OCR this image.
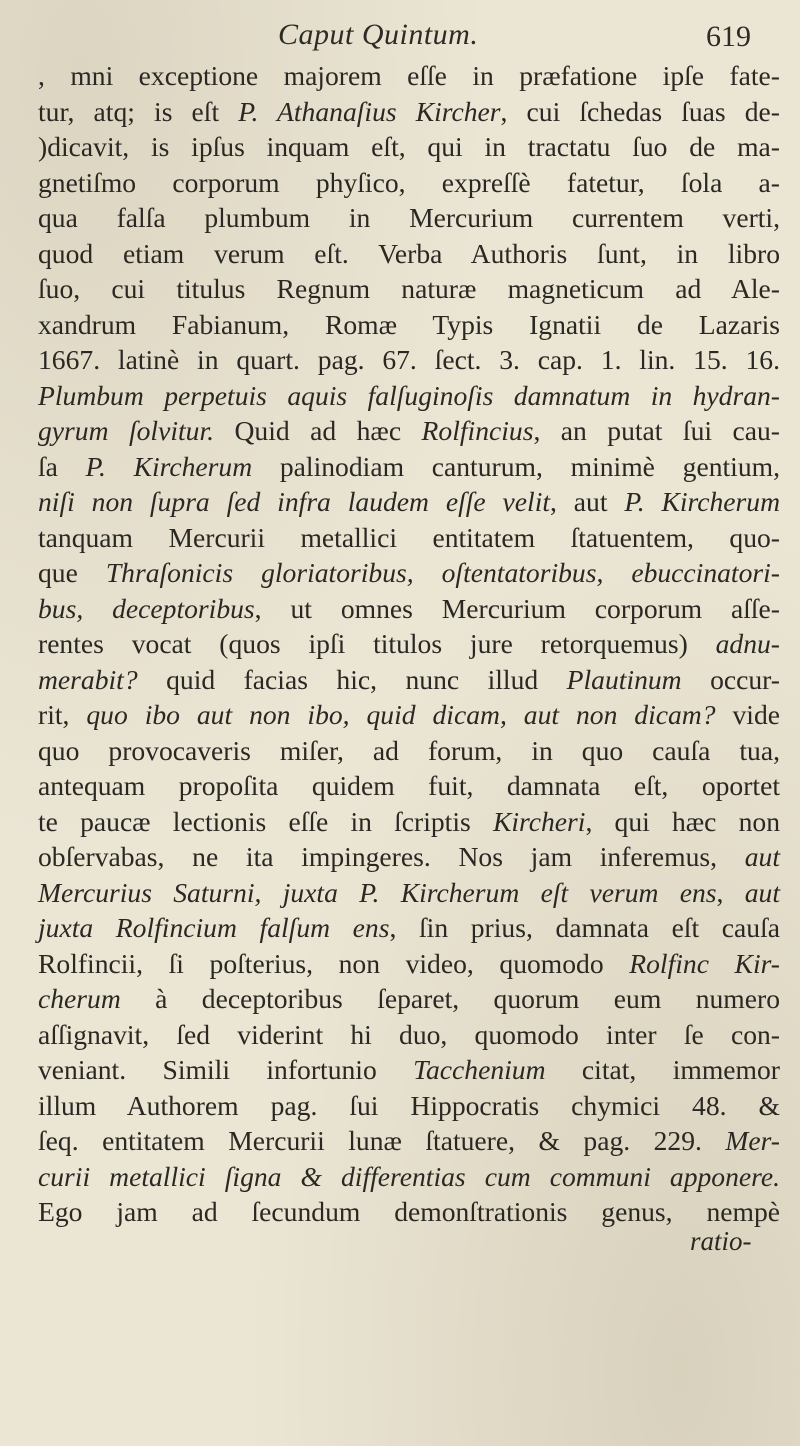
Caput Quintum.	619
, mni exceptione majorem eſſe in præfatione ipſe fate-
tur, atq; is eſt P. Athanaſius Kircher, cui ſchedas ſuas de-
)dicavit, is ipſus inquam eſt, qui in tractatu ſuo de ma-
gnetiſmo corporum phyſico, expreſſè fatetur, ſola a-
qua falſa plumbum in Mercurium currentem verti,
quod etiam verum eſt. Verba Authoris ſunt, in libro
ſuo, cui titulus Regnum naturæ magneticum ad Ale-
xandrum Fabianum, Romæ Typis Ignatii de Lazaris
1667. latinè in quart. pag. 67. ſect. 3. cap. 1. lin. 15. 16.
Plumbum perpetuis aquis falſuginoſis damnatum in hydran-
gyrum ſolvitur. Quid ad hæc Rolfincius, an putat ſui cau-
ſa P. Kircherum palinodiam canturum, minimè gentium,
niſi non ſupra ſed infra laudem eſſe velit, aut P. Kircherum
tanquam Mercurii metallici entitatem ſtatuentem, quo-
que Thraſonicis gloriatoribus, oſtentatoribus, ebuccinatori-
bus, deceptoribus, ut omnes Mercurium corporum aſſe-
rentes vocat (quos ipſi titulos jure retorquemus) adnu-
merabit? quid facias hic, nunc illud Plautinum occur-
rit, quo ibo aut non ibo, quid dicam, aut non dicam? vide
quo provocaveris miſer, ad forum, in quo cauſa tua,
antequam propoſita quidem fuit, damnata eſt, oportet
te paucæ lectionis eſſe in ſcriptis Kircheri, qui hæc non
obſervabas, ne ita impingeres. Nos jam inferemus, aut
Mercurius Saturni, juxta P. Kircherum eſt verum ens, aut
juxta Rolfincium falſum ens, ſin prius, damnata eſt cauſa
Rolfincii, ſi poſterius, non video, quomodo Rolfinc Kir-
cherum à deceptoribus ſeparet, quorum eum numero
aſſignavit, ſed viderint hi duo, quomodo inter ſe con-
veniant. Simili infortunio Tacchenium citat, immemor
illum Authorem pag. ſui Hippocratis chymici 48. &
ſeq. entitatem Mercurii lunæ ſtatuere, & pag. 229. Mer-
curii metallici ſigna & differentias cum communi apponere.
Ego jam ad ſecundum demonſtrationis genus, nempè
ratio-
